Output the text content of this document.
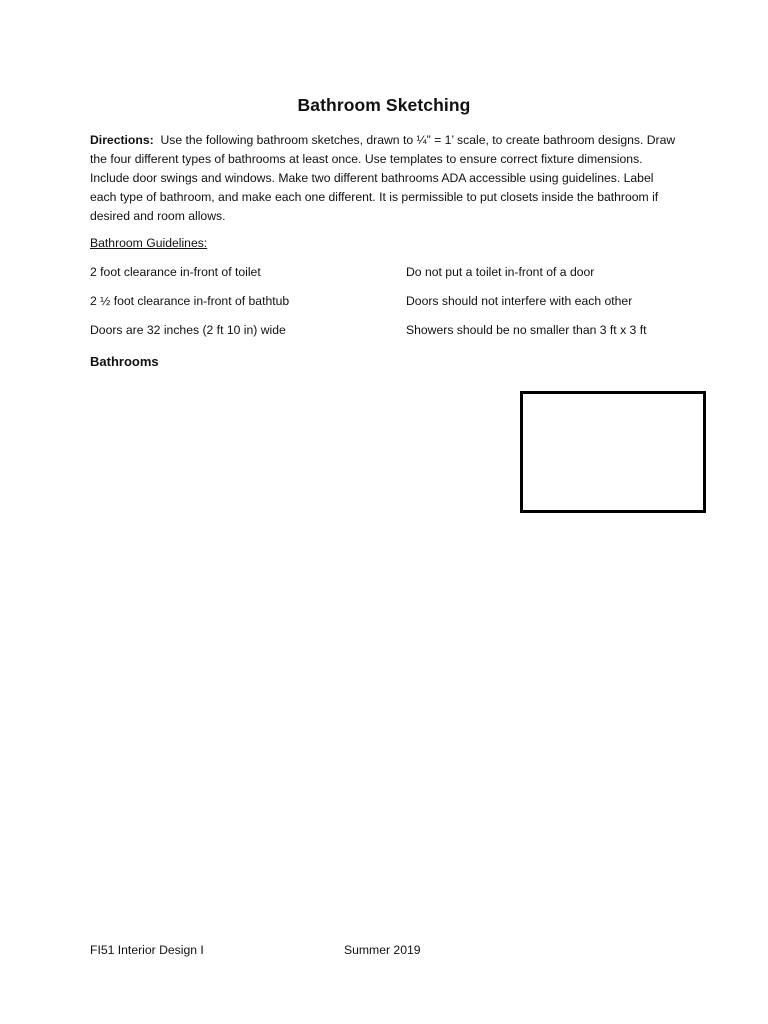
Bathroom Sketching
Directions: Use the following bathroom sketches, drawn to ¼” = 1’ scale, to create bathroom designs. Draw the four different types of bathrooms at least once. Use templates to ensure correct fixture dimensions. Include door swings and windows. Make two different bathrooms ADA accessible using guidelines. Label each type of bathroom, and make each one different. It is permissible to put closets inside the bathroom if desired and room allows.
Bathroom Guidelines:
2 foot clearance in-front of toilet
2 ½ foot clearance in-front of bathtub
Doors are 32 inches (2 ft 10 in) wide
Do not put a toilet in-front of a door
Doors should not interfere with each other
Showers should be no smaller than 3 ft x 3 ft
Bathrooms
FI51 Interior Design I	Summer 2019
